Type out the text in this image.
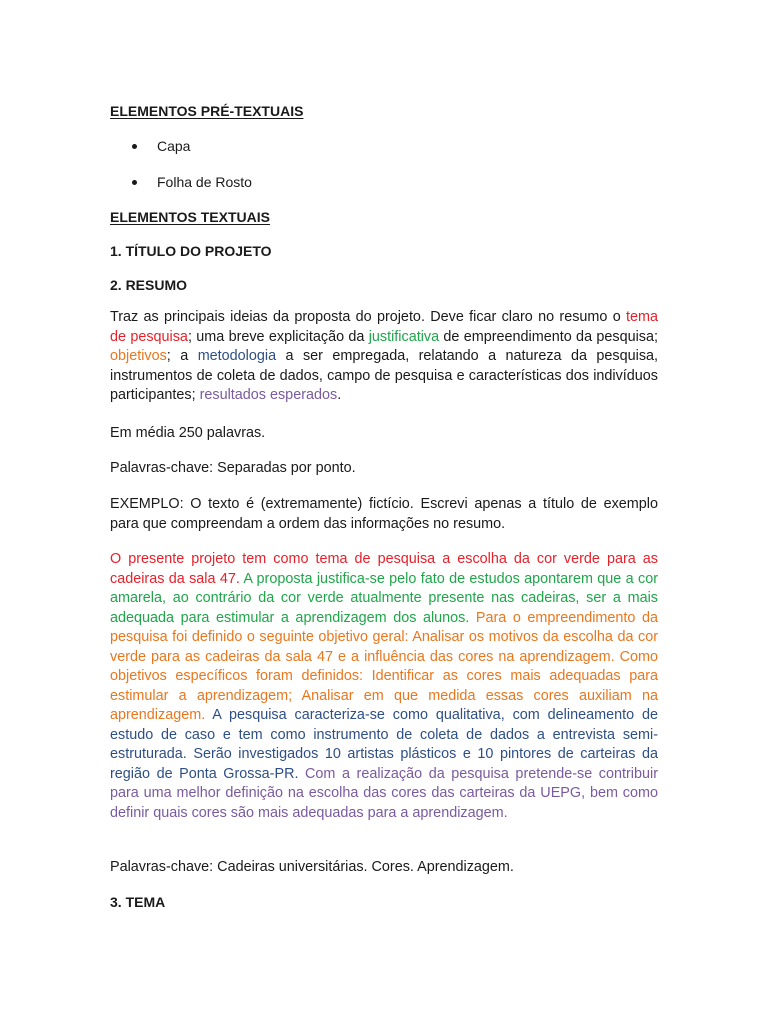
ELEMENTOS PRÉ-TEXTUAIS
Capa
Folha de Rosto
ELEMENTOS TEXTUAIS
1. TÍTULO DO PROJETO
2. RESUMO
Traz as principais ideias da proposta do projeto. Deve ficar claro no resumo o tema de pesquisa; uma breve explicitação da justificativa de empreendimento da pesquisa; objetivos; a metodologia a ser empregada, relatando a natureza da pesquisa, instrumentos de coleta de dados, campo de pesquisa e características dos indivíduos participantes; resultados esperados.
Em média 250 palavras.
Palavras-chave: Separadas por ponto.
EXEMPLO: O texto é (extremamente) fictício. Escrevi apenas a título de exemplo para que compreendam a ordem das informações no resumo.
O presente projeto tem como tema de pesquisa a escolha da cor verde para as cadeiras da sala 47. A proposta justifica-se pelo fato de estudos apontarem que a cor amarela, ao contrário da cor verde atualmente presente nas cadeiras, ser a mais adequada para estimular a aprendizagem dos alunos. Para o empreendimento da pesquisa foi definido o seguinte objetivo geral: Analisar os motivos da escolha da cor verde para as cadeiras da sala 47 e a influência das cores na aprendizagem. Como objetivos específicos foram definidos: Identificar as cores mais adequadas para estimular a aprendizagem; Analisar em que medida essas cores auxiliam na aprendizagem. A pesquisa caracteriza-se como qualitativa, com delineamento de estudo de caso e tem como instrumento de coleta de dados a entrevista semi-estruturada. Serão investigados 10 artistas plásticos e 10 pintores de carteiras da região de Ponta Grossa-PR. Com a realização da pesquisa pretende-se contribuir para uma melhor definição na escolha das cores das carteiras da UEPG, bem como definir quais cores são mais adequadas para a aprendizagem.
Palavras-chave: Cadeiras universitárias. Cores. Aprendizagem.
3. TEMA
